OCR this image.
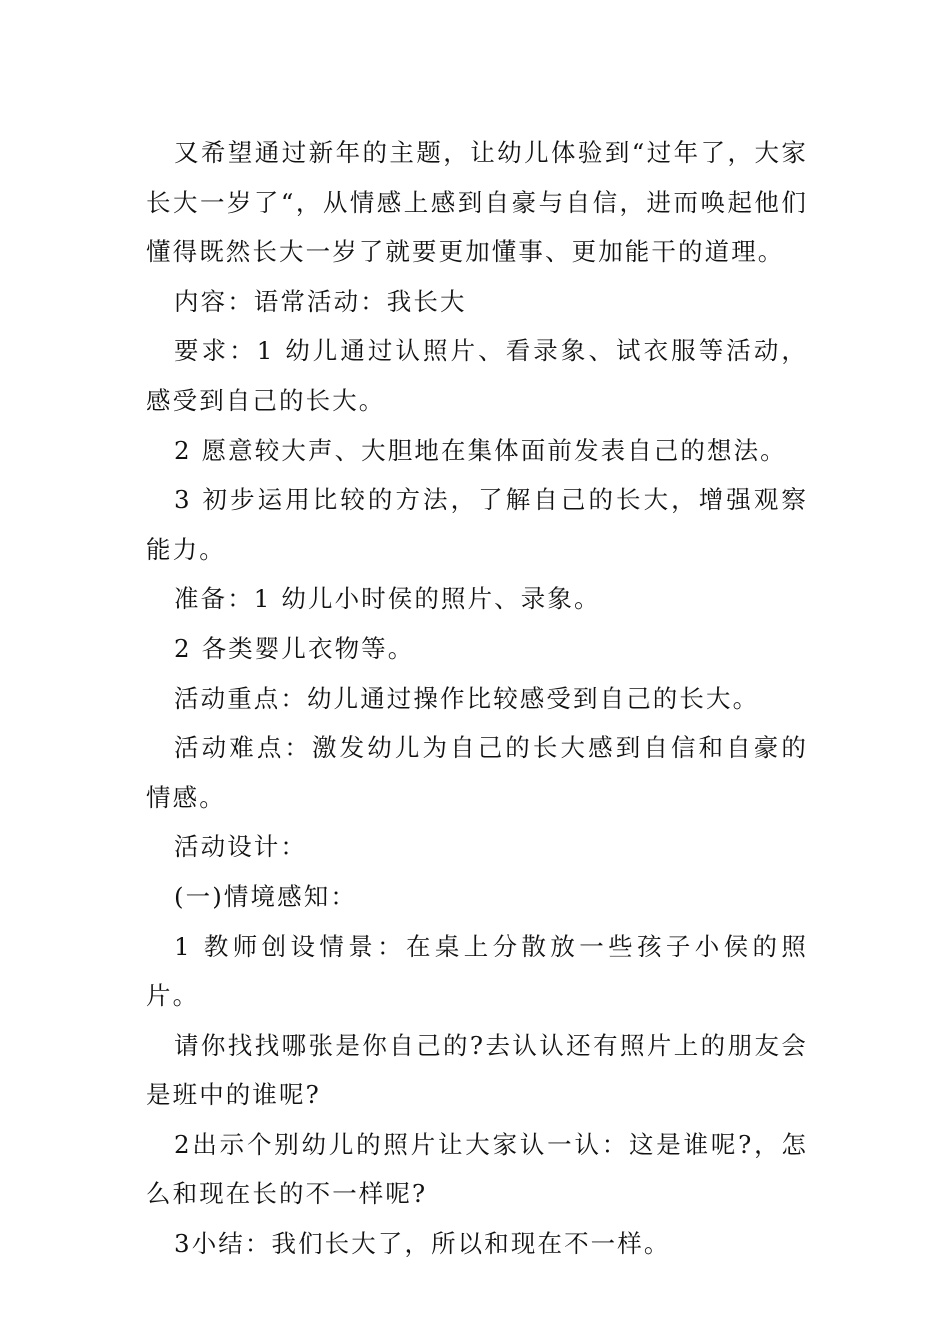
又希望通过新年的主题，让幼儿体验到“过年了，大家长大一岁了“，从情感上感到自豪与自信，进而唤起他们懂得既然长大一岁了就要更加懂事、更加能干的道理。

内容：语常活动：我长大

要求：1 幼儿通过认照片、看录象、试衣服等活动，感受到自己的长大。

2 愿意较大声、大胆地在集体面前发表自己的想法。

3 初步运用比较的方法，了解自己的长大，增强观察能力。

准备：1 幼儿小时侯的照片、录象。

2 各类婴儿衣物等。

活动重点：幼儿通过操作比较感受到自己的长大。

活动难点：激发幼儿为自己的长大感到自信和自豪的情感。

活动设计：

(一)情境感知：

1 教师创设情景：在桌上分散放一些孩子小侯的照片。

请你找找哪张是你自己的?去认认还有照片上的朋友会是班中的谁呢?

2出示个别幼儿的照片让大家认一认：这是谁呢?，怎么和现在长的不一样呢?

3小结：我们长大了，所以和现在不一样。
